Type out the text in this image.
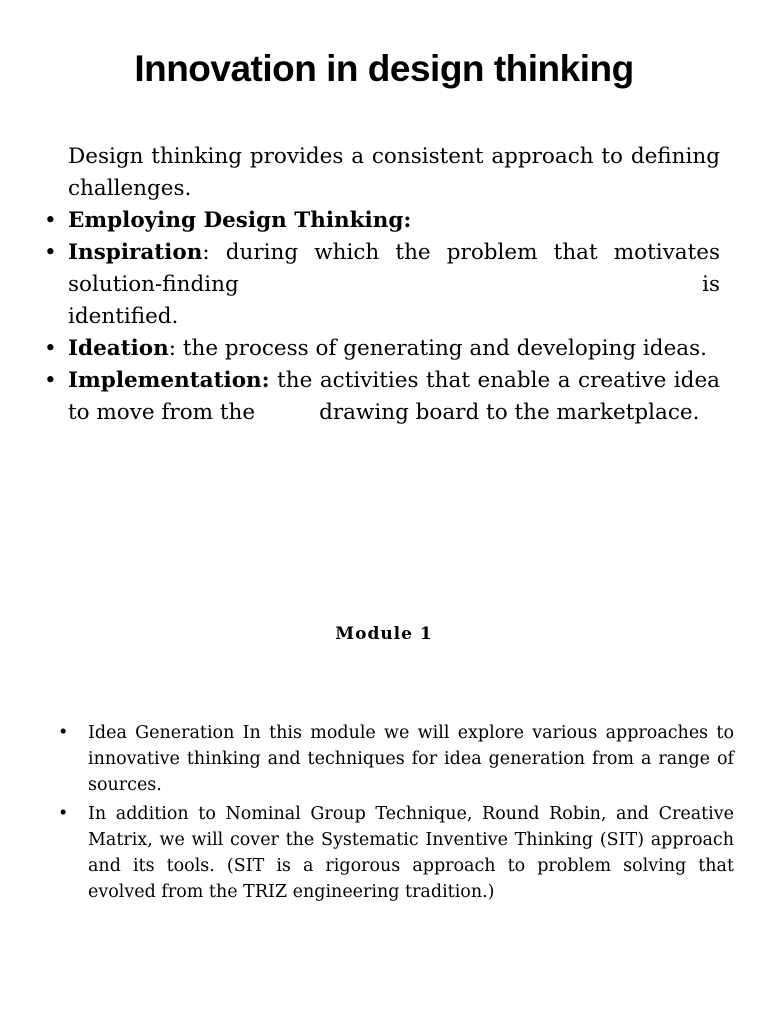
Innovation in design thinking
Design thinking provides a consistent approach to defining challenges.
• Employing Design Thinking:
• Inspiration: during which the problem that motivates solution-finding is
identified.
• Ideation: the process of generating and developing ideas.
• Implementation: the activities that enable a creative idea to move from the	drawing board to the marketplace.
Module 1
•	Idea Generation In this module we will explore various approaches to innovative thinking and techniques for idea generation from a range of sources.
•	In addition to Nominal Group Technique, Round Robin, and Creative Matrix, we will cover the Systematic Inventive Thinking (SIT) approach and its tools. (SIT is a rigorous approach to problem solving that evolved from the TRIZ engineering tradition.)
